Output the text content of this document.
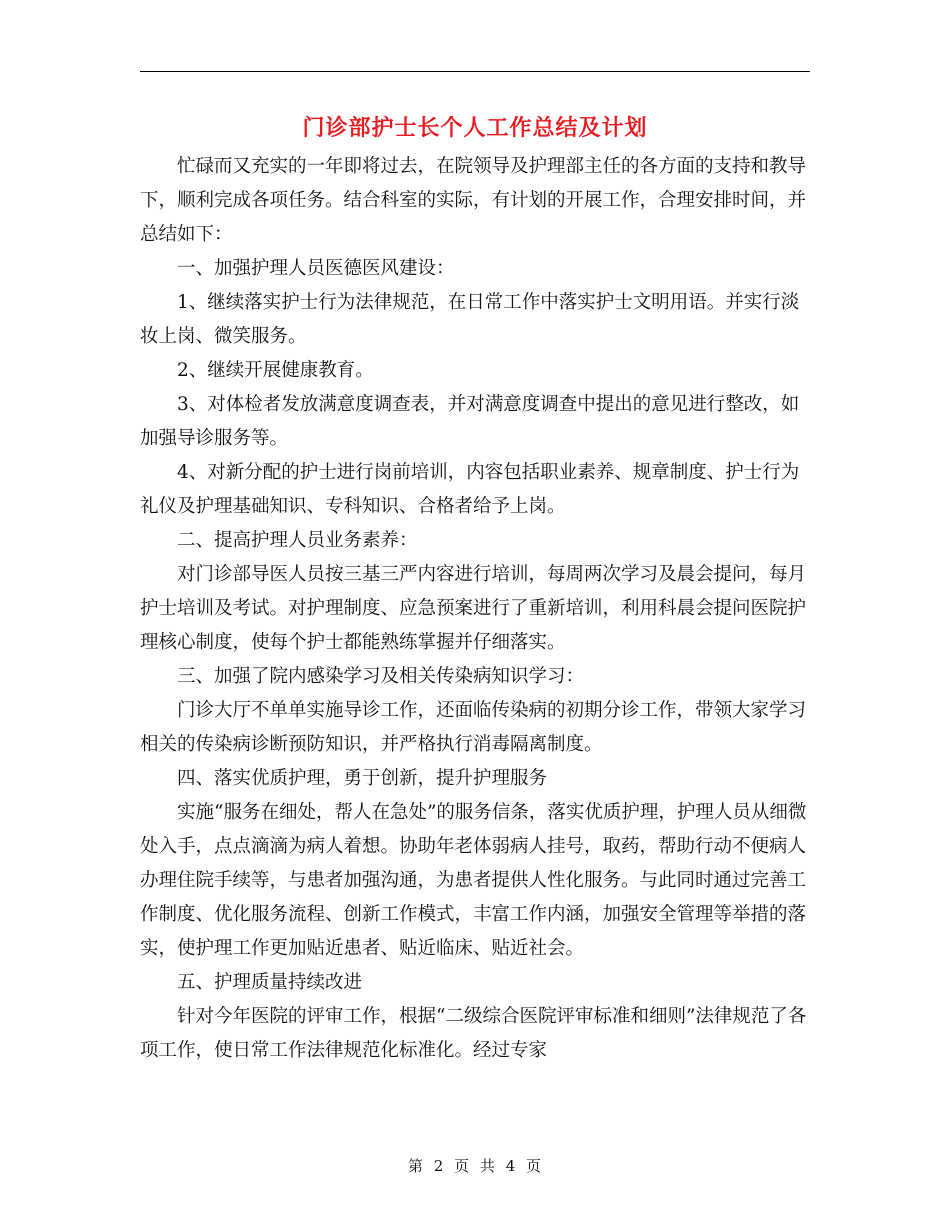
门诊部护士长个人工作总结及计划

忙碌而又充实的一年即将过去，在院领导及护理部主任的各方面的支持和教导下，顺利完成各项任务。结合科室的实际，有计划的开展工作，合理安排时间，并总结如下：

一、加强护理人员医德医风建设：

1、继续落实护士行为法律规范，在日常工作中落实护士文明用语。并实行淡妆上岗、微笑服务。

2、继续开展健康教育。

3、对体检者发放满意度调查表，并对满意度调查中提出的意见进行整改，如加强导诊服务等。

4、对新分配的护士进行岗前培训，内容包括职业素养、规章制度、护士行为礼仪及护理基础知识、专科知识、合格者给予上岗。

二、提高护理人员业务素养：

对门诊部导医人员按三基三严内容进行培训，每周两次学习及晨会提问，每月护士培训及考试。对护理制度、应急预案进行了重新培训，利用科晨会提问医院护理核心制度，使每个护士都能熟练掌握并仔细落实。

三、加强了院内感染学习及相关传染病知识学习：

门诊大厅不单单实施导诊工作，还面临传染病的初期分诊工作，带领大家学习相关的传染病诊断预防知识，并严格执行消毒隔离制度。

四、落实优质护理，勇于创新，提升护理服务

实施“服务在细处，帮人在急处”的服务信条，落实优质护理，护理人员从细微处入手，点点滴滴为病人着想。协助年老体弱病人挂号，取药，帮助行动不便病人办理住院手续等，与患者加强沟通，为患者提供人性化服务。与此同时通过完善工作制度、优化服务流程、创新工作模式，丰富工作内涵，加强安全管理等举措的落实，使护理工作更加贴近患者、贴近临床、贴近社会。

五、护理质量持续改进

针对今年医院的评审工作，根据“二级综合医院评审标准和细则”法律规范了各项工作，使日常工作法律规范化标准化。经过专家

第 2 页 共 4 页
